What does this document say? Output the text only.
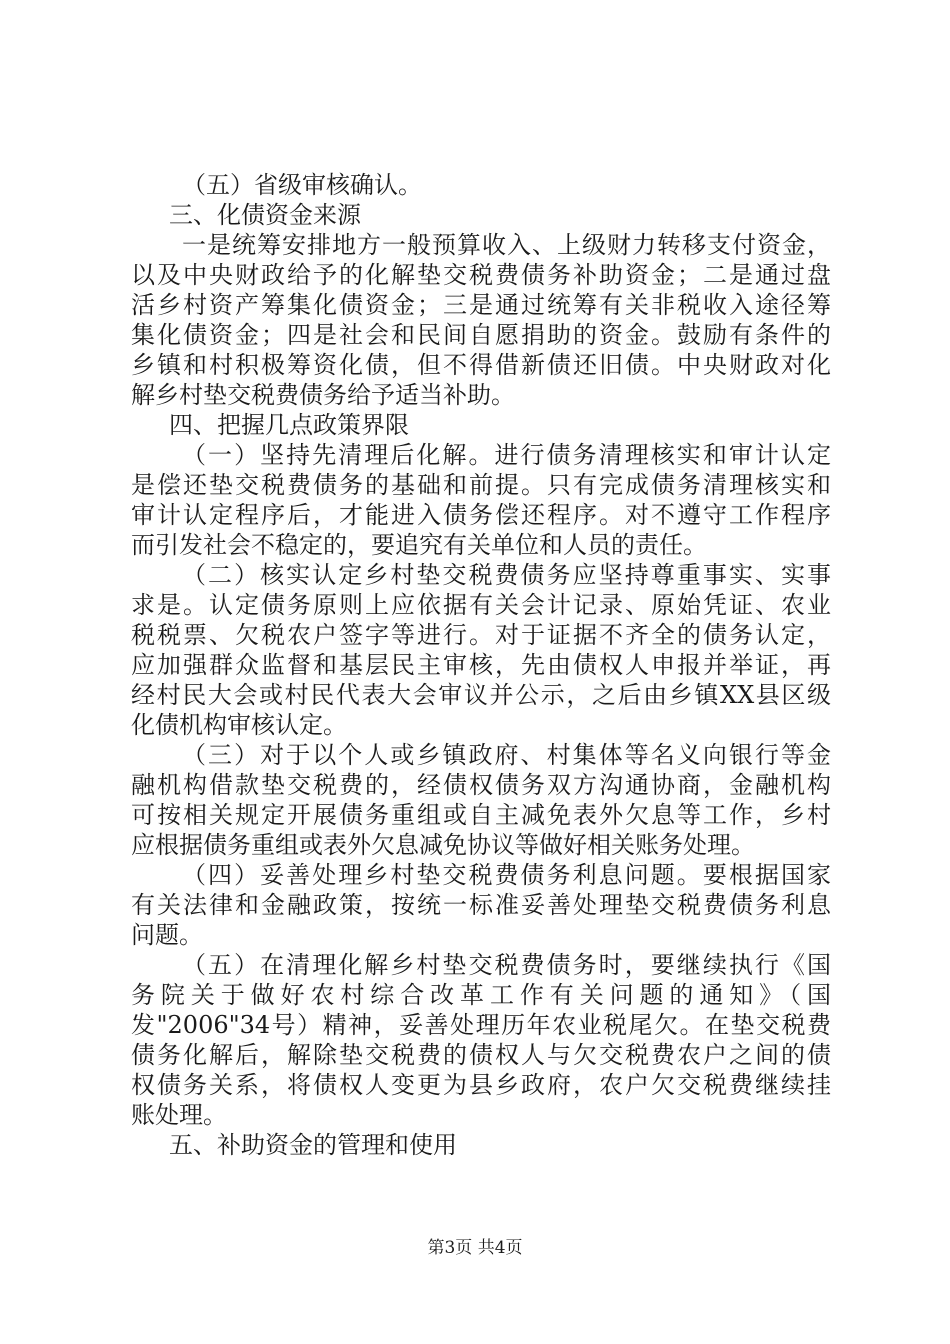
（五）省级审核确认。
三、化债资金来源
一是统筹安排地方一般预算收入、上级财力转移支付资金，
以及中央财政给予的化解垫交税费债务补助资金；二是通过盘
活乡村资产筹集化债资金；三是通过统筹有关非税收入途径筹
集化债资金；四是社会和民间自愿捐助的资金。鼓励有条件的
乡镇和村积极筹资化债，但不得借新债还旧债。中央财政对化
解乡村垫交税费债务给予适当补助。
四、把握几点政策界限
（一）坚持先清理后化解。进行债务清理核实和审计认定
是偿还垫交税费债务的基础和前提。只有完成债务清理核实和
审计认定程序后，才能进入债务偿还程序。对不遵守工作程序
而引发社会不稳定的，要追究有关单位和人员的责任。
（二）核实认定乡村垫交税费债务应坚持尊重事实、实事
求是。认定债务原则上应依据有关会计记录、原始凭证、农业
税税票、欠税农户签字等进行。对于证据不齐全的债务认定，
应加强群众监督和基层民主审核，先由债权人申报并举证，再
经村民大会或村民代表大会审议并公示，之后由乡镇XX县区级
化债机构审核认定。
（三）对于以个人或乡镇政府、村集体等名义向银行等金
融机构借款垫交税费的，经债权债务双方沟通协商，金融机构
可按相关规定开展债务重组或自主减免表外欠息等工作，乡村
应根据债务重组或表外欠息减免协议等做好相关账务处理。
（四）妥善处理乡村垫交税费债务利息问题。要根据国家
有关法律和金融政策，按统一标准妥善处理垫交税费债务利息
问题。
（五）在清理化解乡村垫交税费债务时，要继续执行《国
务院关于做好农村综合改革工作有关问题的通知》（国
发"2006"34号）精神，妥善处理历年农业税尾欠。在垫交税费
债务化解后，解除垫交税费的债权人与欠交税费农户之间的债
权债务关系，将债权人变更为县乡政府，农户欠交税费继续挂
账处理。
五、补助资金的管理和使用
第3页 共4页
